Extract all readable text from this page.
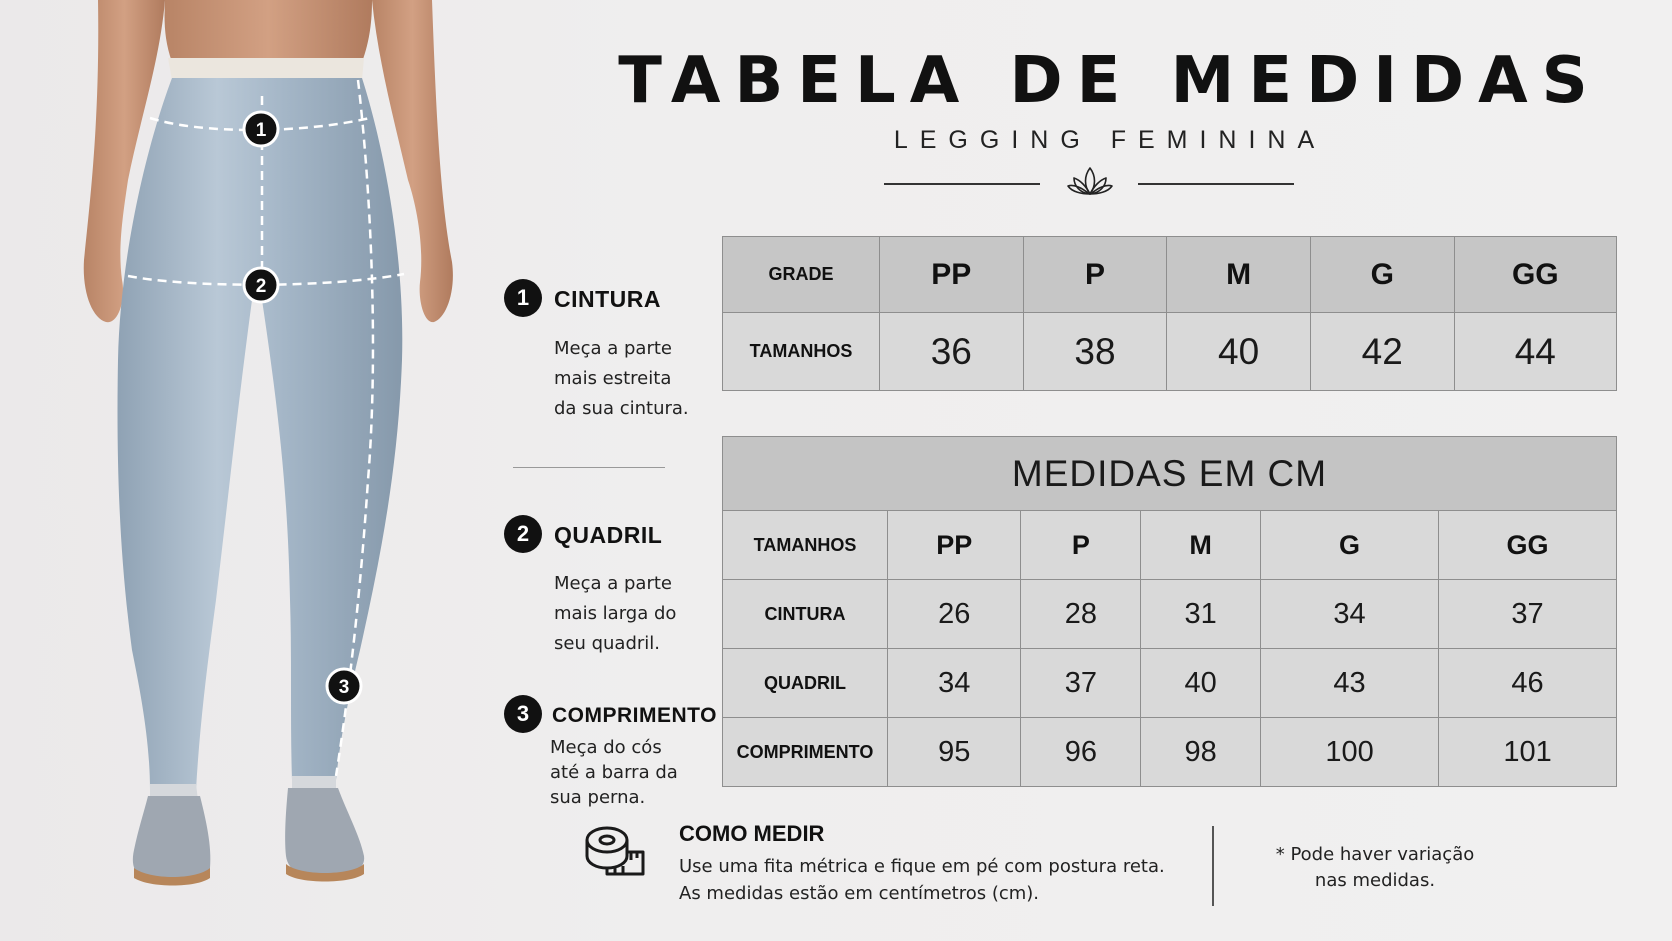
1
2
3
TABELA DE MEDIDAS
LEGGING FEMININA
1	CINTURA
Meça a parte
mais estreita
da sua cintura.
2	QUADRIL
Meça a parte
mais larga do
seu quadril.
3	COMPRIMENTO
Meça do cós
até a barra da
sua perna.
GRADE	PP	P	M	G	GG
TAMANHOS	36	38	40	42	44
MEDIDAS EM CM					
TAMANHOS	PP	P	M	G	GG
CINTURA	26	28	31	34	37
QUADRIL	34	37	40	43	46
COMPRIMENTO	95	96	98	100	101
COMO MEDIR
Use uma fita métrica e fique em pé com postura reta.
As medidas estão em centímetros (cm).
* Pode haver variação
nas medidas.
